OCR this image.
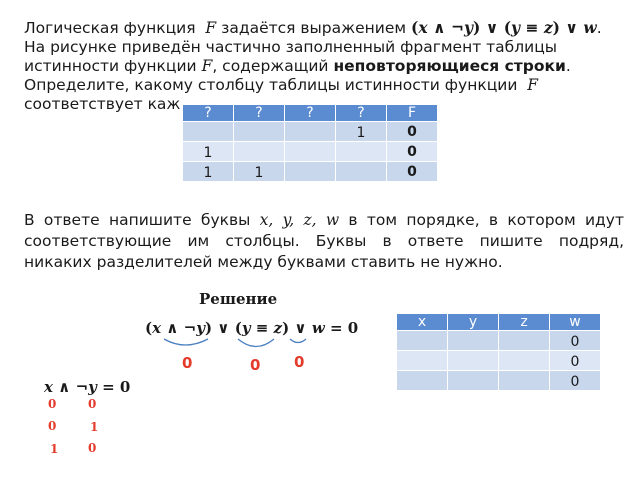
Логическая функция F задаётся выражением (x ∧ ¬y) ∨ (y ≡ z) ∨ w.
На рисунке приведён частично заполненный фрагмент таблицы
истинности функции F, содержащий неповторяющиеся строки.
Определите, какому столбцу таблицы истинности функции F
соответствует каж	?	?	?	?	F
			1	0
1				0
1	1			0
В ответе напишите буквы x, y, z, w в том порядке, в котором идут
соответствующие им столбцы. Буквы в ответе пишите подряд,
никаких разделителей между буквами ставить не нужно.
Решение
(x ∧ ¬y) ∨ (y ≡ z) ∨ w = 0
0	0 0
x ∧ ¬y = 0
0	0
0	1
1 0
x	y	z	w
			0
			0
			0
